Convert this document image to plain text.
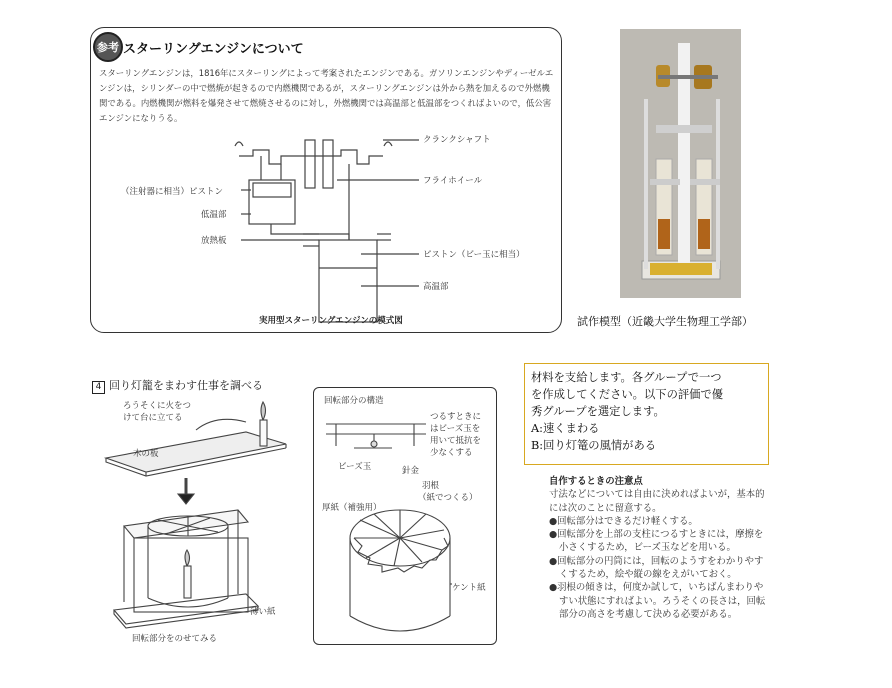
参考 スターリングエンジンについて
スターリングエンジンは，1816年にスターリングによって考案されたエンジンである。ガソリンエンジンやディーゼルエンジンは，シリンダーの中で燃焼が起きるので内燃機関であるが，スターリングエンジンは外から熱を加えるので外燃機関である。内燃機関が燃料を爆発させて燃焼させるのに対し，外燃機関では高温部と低温部をつくればよいので，低公害エンジンになりうる。
クランクシャフト
フライホイール
（注射器に相当）ピストン
低温部
放熱板
ピストン（ビー玉に相当）
高温部
実用型スターリングエンジンの模式図	試作模型（近畿大学生物理工学部）
4 回り灯籠をまわす仕事を調べる
ろうそくに火をつ
けて台に立てる
木の板
薄い紙
回転部分をのせてみる
回転部分の構造
つるすときに
はビーズ玉を
用いて抵抗を
少なくする
ビーズ玉	針金
羽根
（紙でつくる）
厚紙（補強用）
ケント紙
材料を支給します。各グループで一つ
を作成してください。以下の評価で優
秀グループを選定します。
A:速くまわる
B:回り灯篭の風情がある
自作するときの注意点
寸法などについては自由に決めればよいが，基本的には次のことに留意する。
●回転部分はできるだけ軽くする。
●回転部分を上部の支柱につるすときには，摩擦を小さくするため，ビーズ玉などを用いる。
●回転部分の円筒には，回転のようすをわかりやすくするため，絵や縦の線をえがいておく。
●羽根の傾きは，何度か試して，いちばんまわりやすい状態にすればよい。ろうそくの長さは，回転部分の高さを考慮して決める必要がある。
